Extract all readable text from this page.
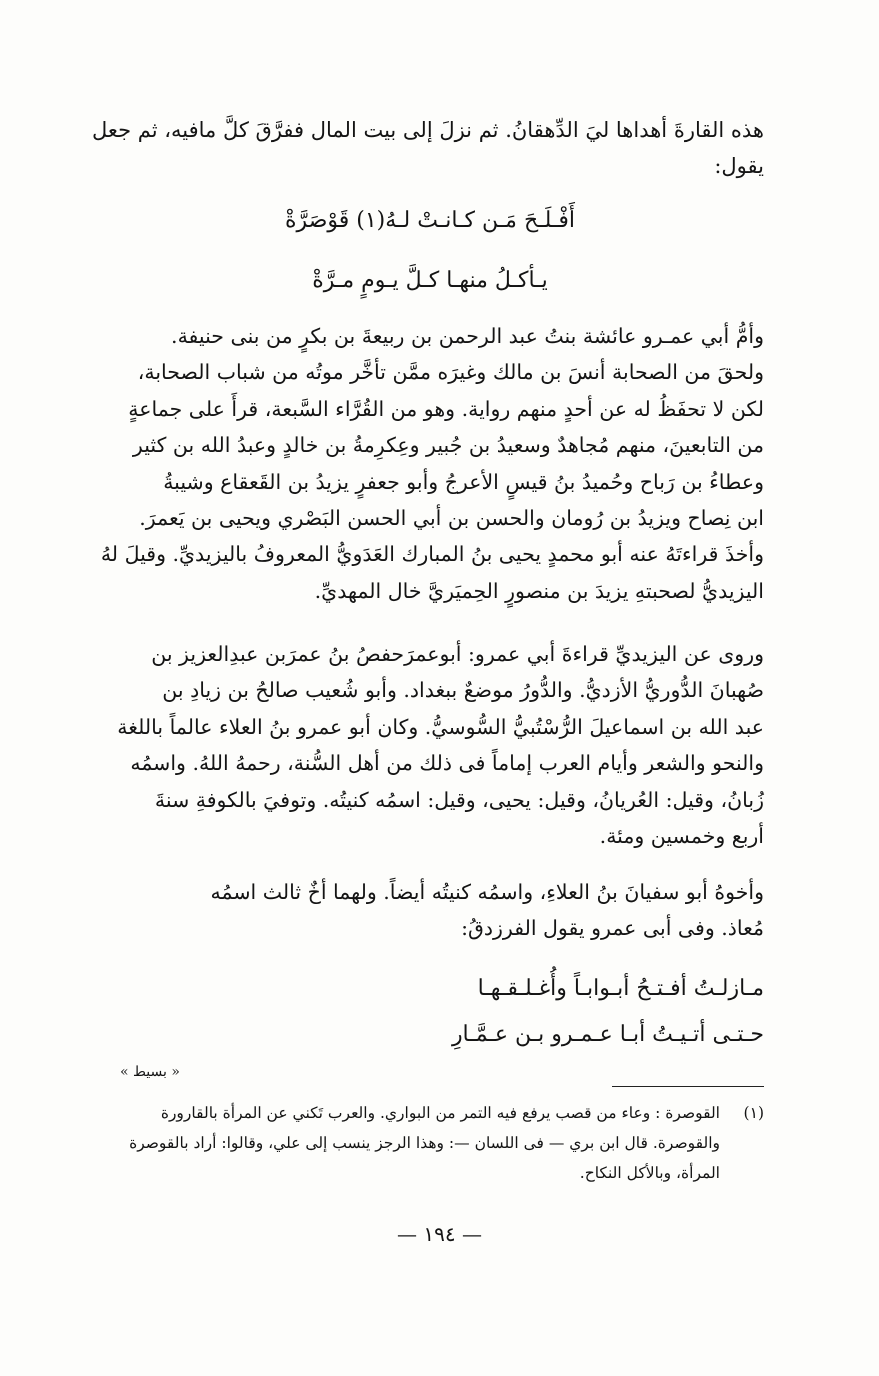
هذه القارةَ أهداها ليَ الدِّهقانُ. ثم نزلَ إلى بيت المال ففرَّقَ كلَّ مافيه، ثم جعل

يقول:

أَفْـلَـحَ مَـن كـانـتْ لـهُ(١) قَوْصَرَّةْ
يـأكـلُ منهـا كـلَّ يـومٍ مـرَّةْ

وأمُّ أبي عمـرو عائشة بنتُ عبد الرحمن بن ربيعةَ بن بكرٍ من بنى حنيفة.

ولحقَ من الصحابة أنسَ بن مالك وغيرَه ممَّن تأخَّر موتُه من شباب الصحابة،

لكن لا تحفَظُ له عن أحدٍ منهم رواية. وهو من القُرَّاء السَّبعة، قرأَ على جماعةٍ

من التابعينَ، منهم مُجاهدٌ وسعيدُ بن جُبير وعِكرِمةُ بن خالدٍ وعبدُ الله بن كثير

وعطاءُ بن رَباح وحُميدُ بنُ قيسٍ الأعرجُ وأبو جعفرٍ يزيدُ بن القَعقاع وشيبةُ

ابن نِصاح ويزيدُ بن رُومان والحسن بن أبي الحسن البَصْري ويحيى بن يَعمرَ.

وأخذَ قراءتَهُ عنه أبو محمدٍ يحيى بنُ المبارك العَدَويُّ المعروفُ باليزيديِّ. وقيلَ لهُ

اليزيديُّ لصحبتهِ يزيدَ بن منصورٍ الحِميَريَّ خال المهديِّ.

وروى عن اليزيديِّ قراءةَ أبي عمرو: أبوعمرَحفصُ بنُ عمرَبن عبدِالعزيز بن

صُهبانَ الدُّوريُّ الأزديُّ. والدُّورُ موضعٌ ببغداد. وأبو شُعيب صالحُ بن زيادِ بن

عبد الله بن اسماعيلَ الرُّسْتُبيُّ السُّوسيُّ. وكان أبو عمرو بنُ العلاء عالماً باللغة

والنحو والشعر وأيام العرب إماماً فى ذلك من أهل السُّنة، رحمهُ اللهُ. واسمُه

زُبانُ، وقيل: العُريانُ، وقيل: يحيى، وقيل: اسمُه كنيتُه. وتوفيَ بالكوفةِ سنةَ

أربع وخمسين ومئة.

وأخوهُ أبو سفيانَ بنُ العلاءِ، واسمُه كنيتُه أيضاً. ولهما أخٌ ثالث اسمُه

مُعاذ. وفى أبى عمرو يقول الفرزدقُ:

مـازلـتُ أفـتـحُ أبـوابـاً وأُغـلـقـهـا
حـتـى أتـيـتُ أبـا عـمـرو بـن عـمَّـارِ
« بسيط »
(١)

القوصرة : وعاء من قصب يرفع فيه التمر من البواري. والعرب تَكني عن المرأة بالقارورة

والقوصرة. قال ابن بري — فى اللسان —: وهذا الرجز ينسب إلى علي، وقالوا: أراد بالقوصرة

المرأة، وبالأكل النكاح.

— ١٩٤ —
